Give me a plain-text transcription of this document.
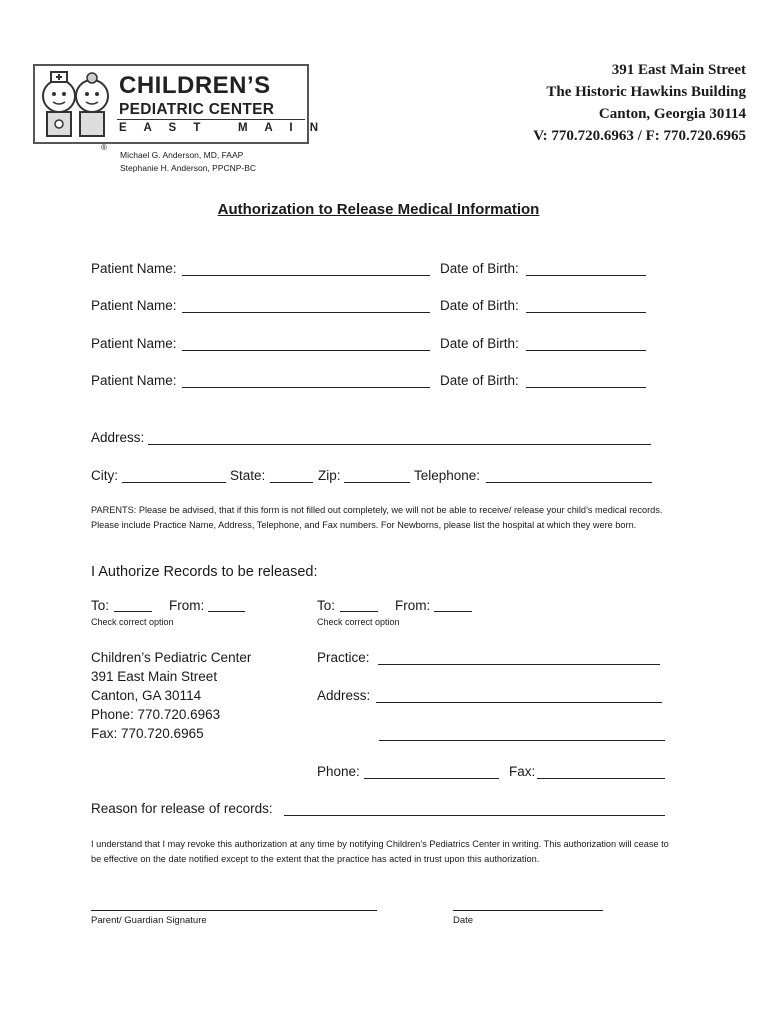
CHILDREN’S
PEDIATRIC CENTER
E A S T   M A I N
®
Michael G. Anderson, MD, FAAP
Stephanie H. Anderson, PPCNP-BC
391 East Main Street
The Historic Hawkins Building
Canton, Georgia 30114
V: 770.720.6963 / F: 770.720.6965
Authorization to Release Medical Information
Patient Name:	Date of Birth:
Patient Name:	Date of Birth:
Patient Name:	Date of Birth:
Patient Name:	Date of Birth:
Address:
City:	State:	Zip:	Telephone:
PARENTS: Please be advised, that if this form is not filled out completely, we will not be able to receive/ release your child’s medical records. Please include Practice Name, Address, Telephone, and Fax numbers. For Newborns, please list the hospital at which they were born.
I Authorize Records to be released:
To:	From:
Check correct option
To:	From:
Check correct option
Children’s Pediatric Center
391 East Main Street
Canton, GA 30114
Phone: 770.720.6963
Fax: 770.720.6965
Practice:
Address:
Phone:	Fax:
Reason for release of records:
I understand that I may revoke this authorization at any time by notifying Children’s Pediatrics Center in writing. This authorization will cease to be effective on the date notified except to the extent that the practice has acted in trust upon this authorization.
Parent/ Guardian Signature	Date
